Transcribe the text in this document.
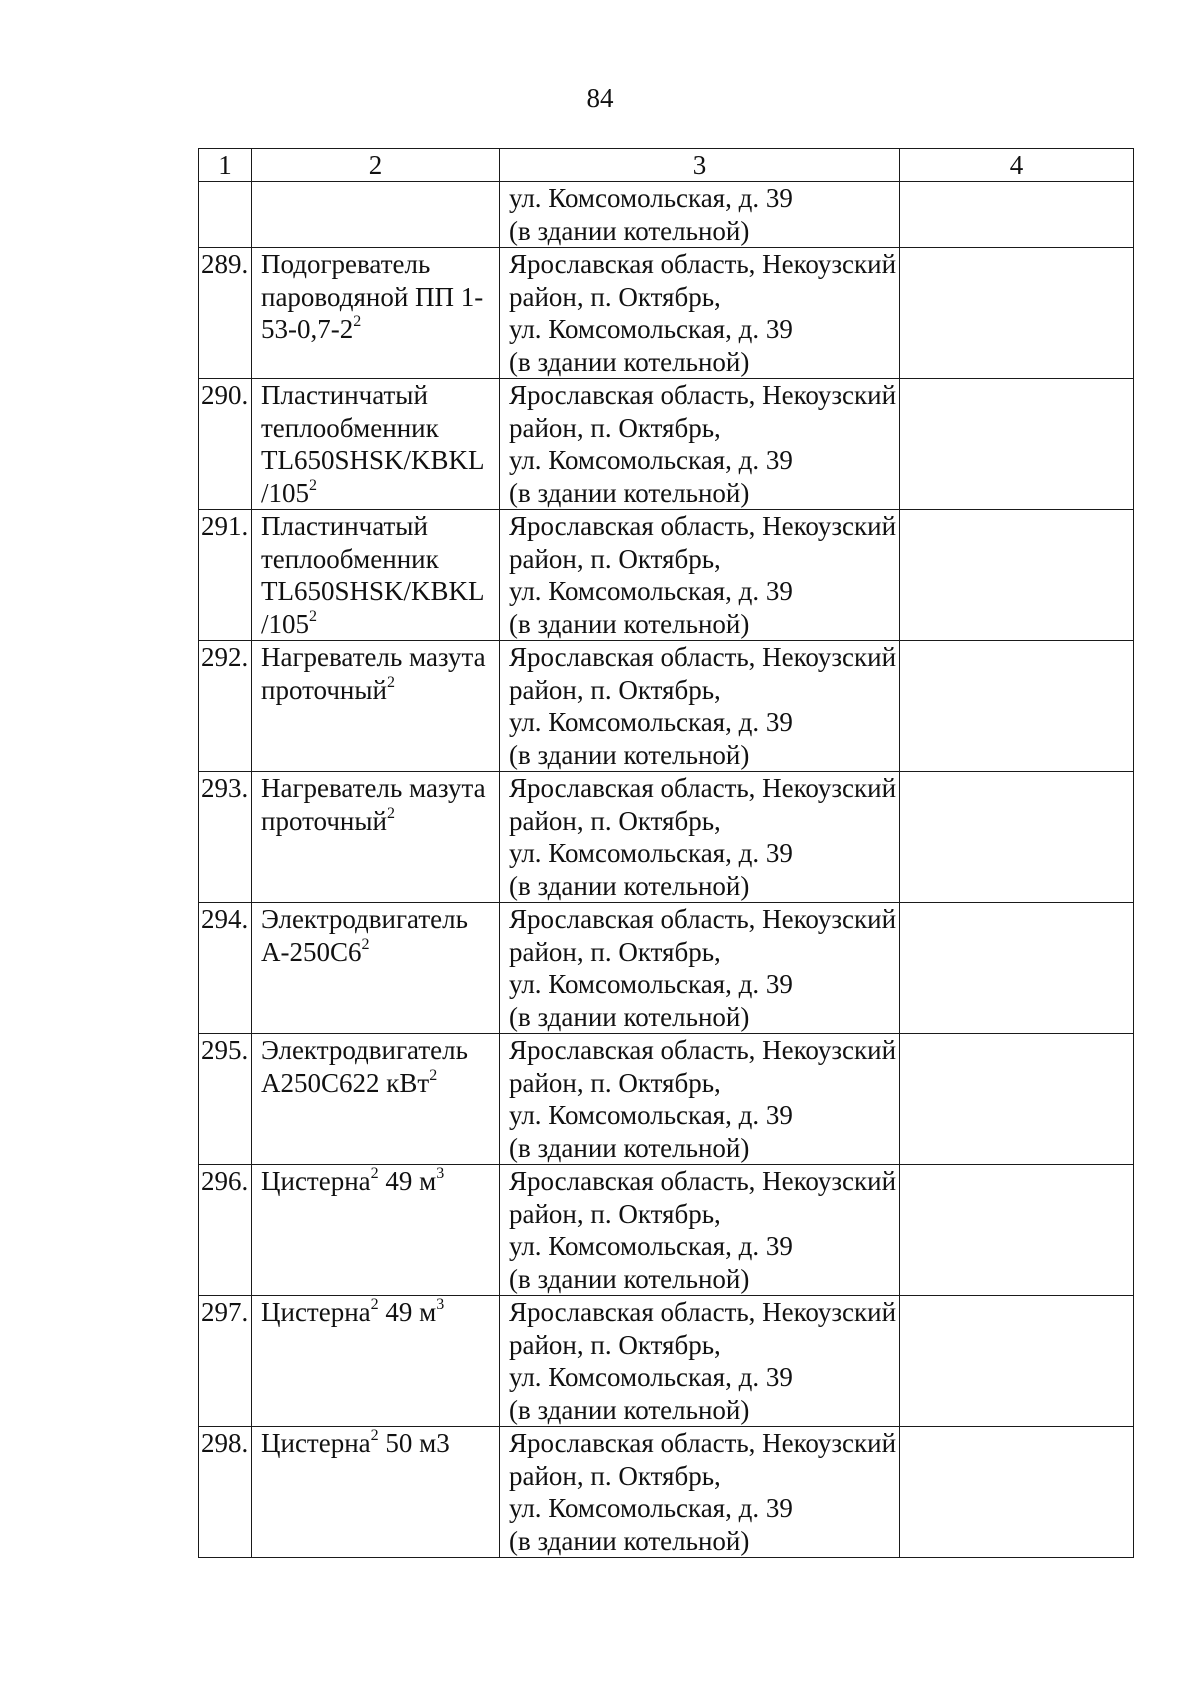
84
1	2	3	4

		ул. Комсомольская, д. 39
(в здании котельной)	

289.	Подогреватель
пароводяной ПП 1-
$53-0,7-2^2$	Ярославская область, Некоузский
район, п. Октябрь,
ул. Комсомольская, д. 39
(в здании котельной)	

290.	Пластинчатый
теплообменник
TL650SHSK/KBKL
$/105^2$	Ярославская область, Некоузский
район, п. Октябрь,
ул. Комсомольская, д. 39
(в здании котельной)	

291.	Пластинчатый
теплообменник
TL650SHSK/KBKL
$/105^2$	Ярославская область, Некоузский
район, п. Октябрь,
ул. Комсомольская, д. 39
(в здании котельной)	

292.	Нагреватель мазута
проточный$^2$	Ярославская область, Некоузский
район, п. Октябрь,
ул. Комсомольская, д. 39
(в здании котельной)	

293.	Нагреватель мазута
проточный$^2$	Ярославская область, Некоузский
район, п. Октябрь,
ул. Комсомольская, д. 39
(в здании котельной)	

294.	Электродвигатель
$А-250С6^2$	Ярославская область, Некоузский
район, п. Октябрь,
ул. Комсомольская, д. 39
(в здании котельной)	

295.	Электродвигатель
А250С622 кВт$^2$	Ярославская область, Некоузский
район, п. Октябрь,
ул. Комсомольская, д. 39
(в здании котельной)	

296.	Цистерна$^2$ 49 $м^3$	Ярославская область, Некоузский
район, п. Октябрь,
ул. Комсомольская, д. 39
(в здании котельной)	

297.	Цистерна$^2$ 49 $м^3$	Ярославская область, Некоузский
район, п. Октябрь,
ул. Комсомольская, д. 39
(в здании котельной)	

298.	Цистерна$^2$ 50 м3	Ярославская область, Некоузский
район, п. Октябрь,
ул. Комсомольская, д. 39
(в здании котельной)	
